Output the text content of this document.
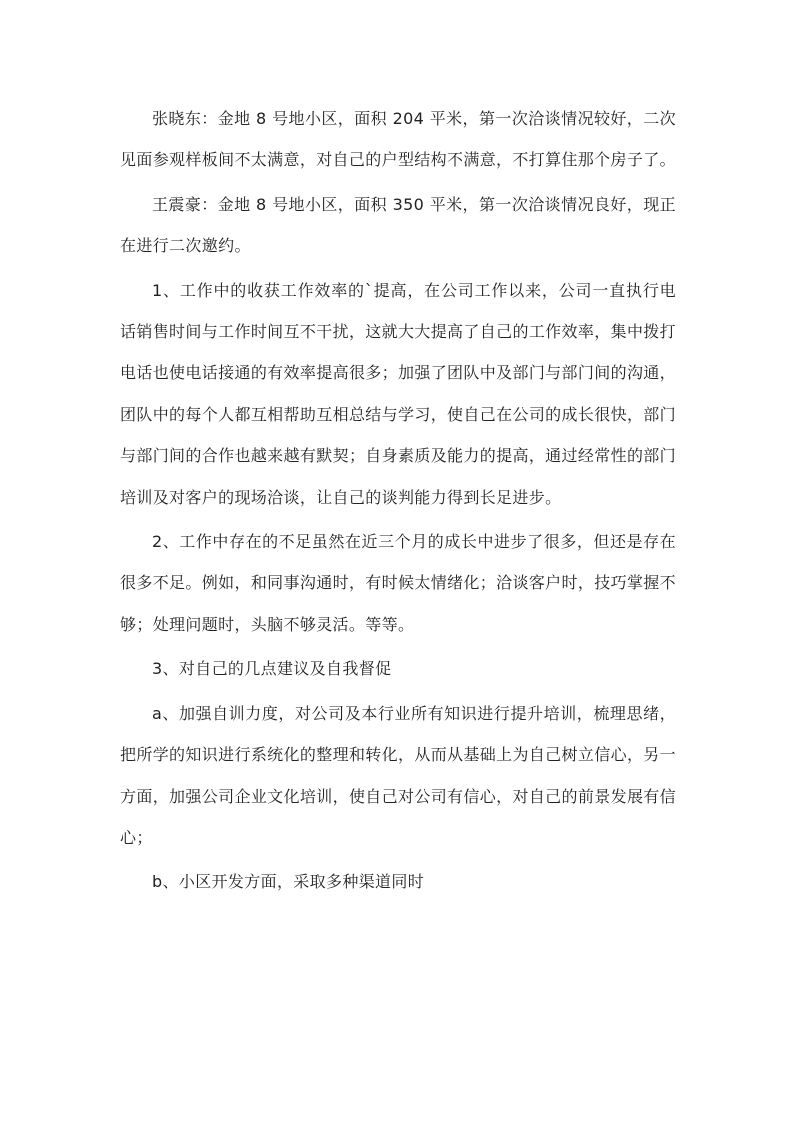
张晓东：金地 8 号地小区，面积 204 平米，第一次洽谈情况较好，二次见面参观样板间不太满意，对自己的户型结构不满意，不打算住那个房子了。

王震豪：金地 8 号地小区，面积 350 平米，第一次洽谈情况良好，现正在进行二次邀约。

1、工作中的收获工作效率的`提高，在公司工作以来，公司一直执行电话销售时间与工作时间互不干扰，这就大大提高了自己的工作效率，集中拨打电话也使电话接通的有效率提高很多；加强了团队中及部门与部门间的沟通，团队中的每个人都互相帮助互相总结与学习，使自己在公司的成长很快，部门与部门间的合作也越来越有默契；自身素质及能力的提高，通过经常性的部门培训及对客户的现场洽谈，让自己的谈判能力得到长足进步。

2、工作中存在的不足虽然在近三个月的成长中进步了很多，但还是存在很多不足。例如，和同事沟通时，有时候太情绪化；洽谈客户时，技巧掌握不够；处理问题时，头脑不够灵活。等等。

3、对自己的几点建议及自我督促

a、加强自训力度，对公司及本行业所有知识进行提升培训，梳理思绪，把所学的知识进行系统化的整理和转化，从而从基础上为自己树立信心，另一方面，加强公司企业文化培训，使自己对公司有信心，对自己的前景发展有信心；

b、小区开发方面，采取多种渠道同时
